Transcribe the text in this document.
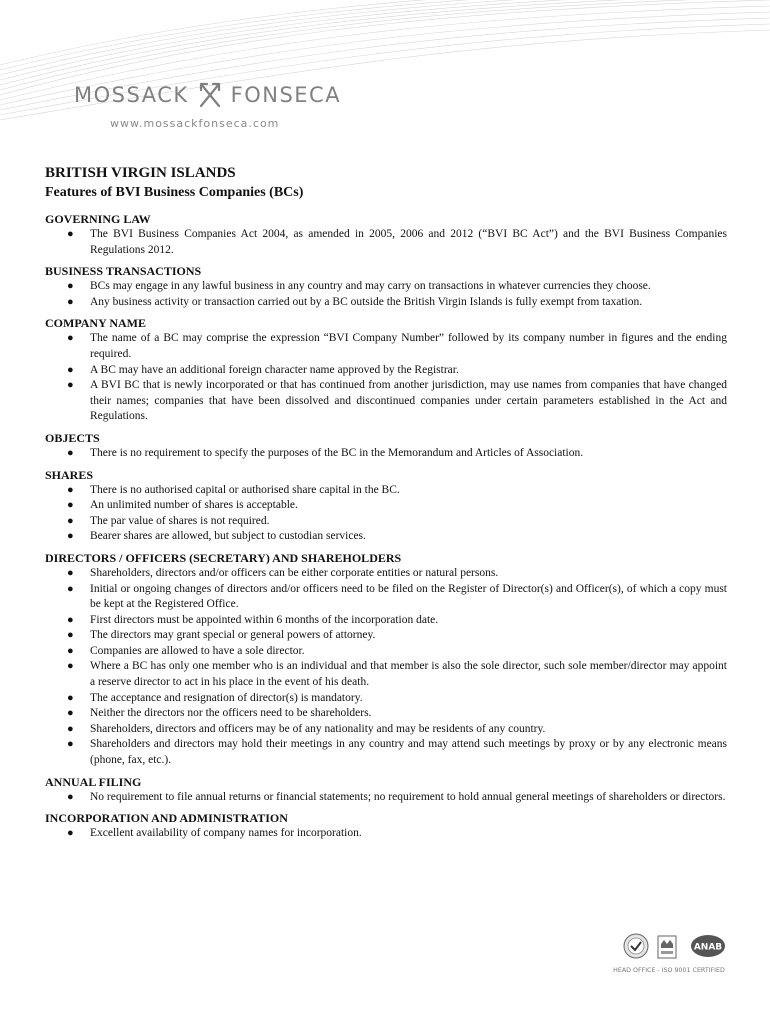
MOSSACK FONSECA
www.mossackfonseca.com
BRITISH VIRGIN ISLANDS
Features of BVI Business Companies (BCs)
GOVERNING LAW
● The BVI Business Companies Act 2004, as amended in 2005, 2006 and 2012 (“BVI BC Act”) and the BVI Business Companies Regulations 2012.
BUSINESS TRANSACTIONS
● BCs may engage in any lawful business in any country and may carry on transactions in whatever currencies they choose.
● Any business activity or transaction carried out by a BC outside the British Virgin Islands is fully exempt from taxation.
COMPANY NAME
● The name of a BC may comprise the expression “BVI Company Number” followed by its company number in figures and the ending required.
● A BC may have an additional foreign character name approved by the Registrar.
● A BVI BC that is newly incorporated or that has continued from another jurisdiction, may use names from companies that have changed their names; companies that have been dissolved and discontinued companies under certain parameters established in the Act and Regulations.
OBJECTS
● There is no requirement to specify the purposes of the BC in the Memorandum and Articles of Association.
SHARES
● There is no authorised capital or authorised share capital in the BC.
● An unlimited number of shares is acceptable.
● The par value of shares is not required.
● Bearer shares are allowed, but subject to custodian services.
DIRECTORS / OFFICERS (SECRETARY) AND SHAREHOLDERS
● Shareholders, directors and/or officers can be either corporate entities or natural persons.
● Initial or ongoing changes of directors and/or officers need to be filed on the Register of Director(s) and Officer(s), of which a copy must be kept at the Registered Office.
● First directors must be appointed within 6 months of the incorporation date.
● The directors may grant special or general powers of attorney.
● Companies are allowed to have a sole director.
● Where a BC has only one member who is an individual and that member is also the sole director, such sole member/director may appoint a reserve director to act in his place in the event of his death.
● The acceptance and resignation of director(s) is mandatory.
● Neither the directors nor the officers need to be shareholders.
● Shareholders, directors and officers may be of any nationality and may be residents of any country.
● Shareholders and directors may hold their meetings in any country and may attend such meetings by proxy or by any electronic means (phone, fax, etc.).
ANNUAL FILING
● No requirement to file annual returns or financial statements; no requirement to hold annual general meetings of shareholders or directors.
INCORPORATION AND ADMINISTRATION
● Excellent availability of company names for incorporation.
ANAB
HEAD OFFICE - ISO 9001 CERTIFIED
